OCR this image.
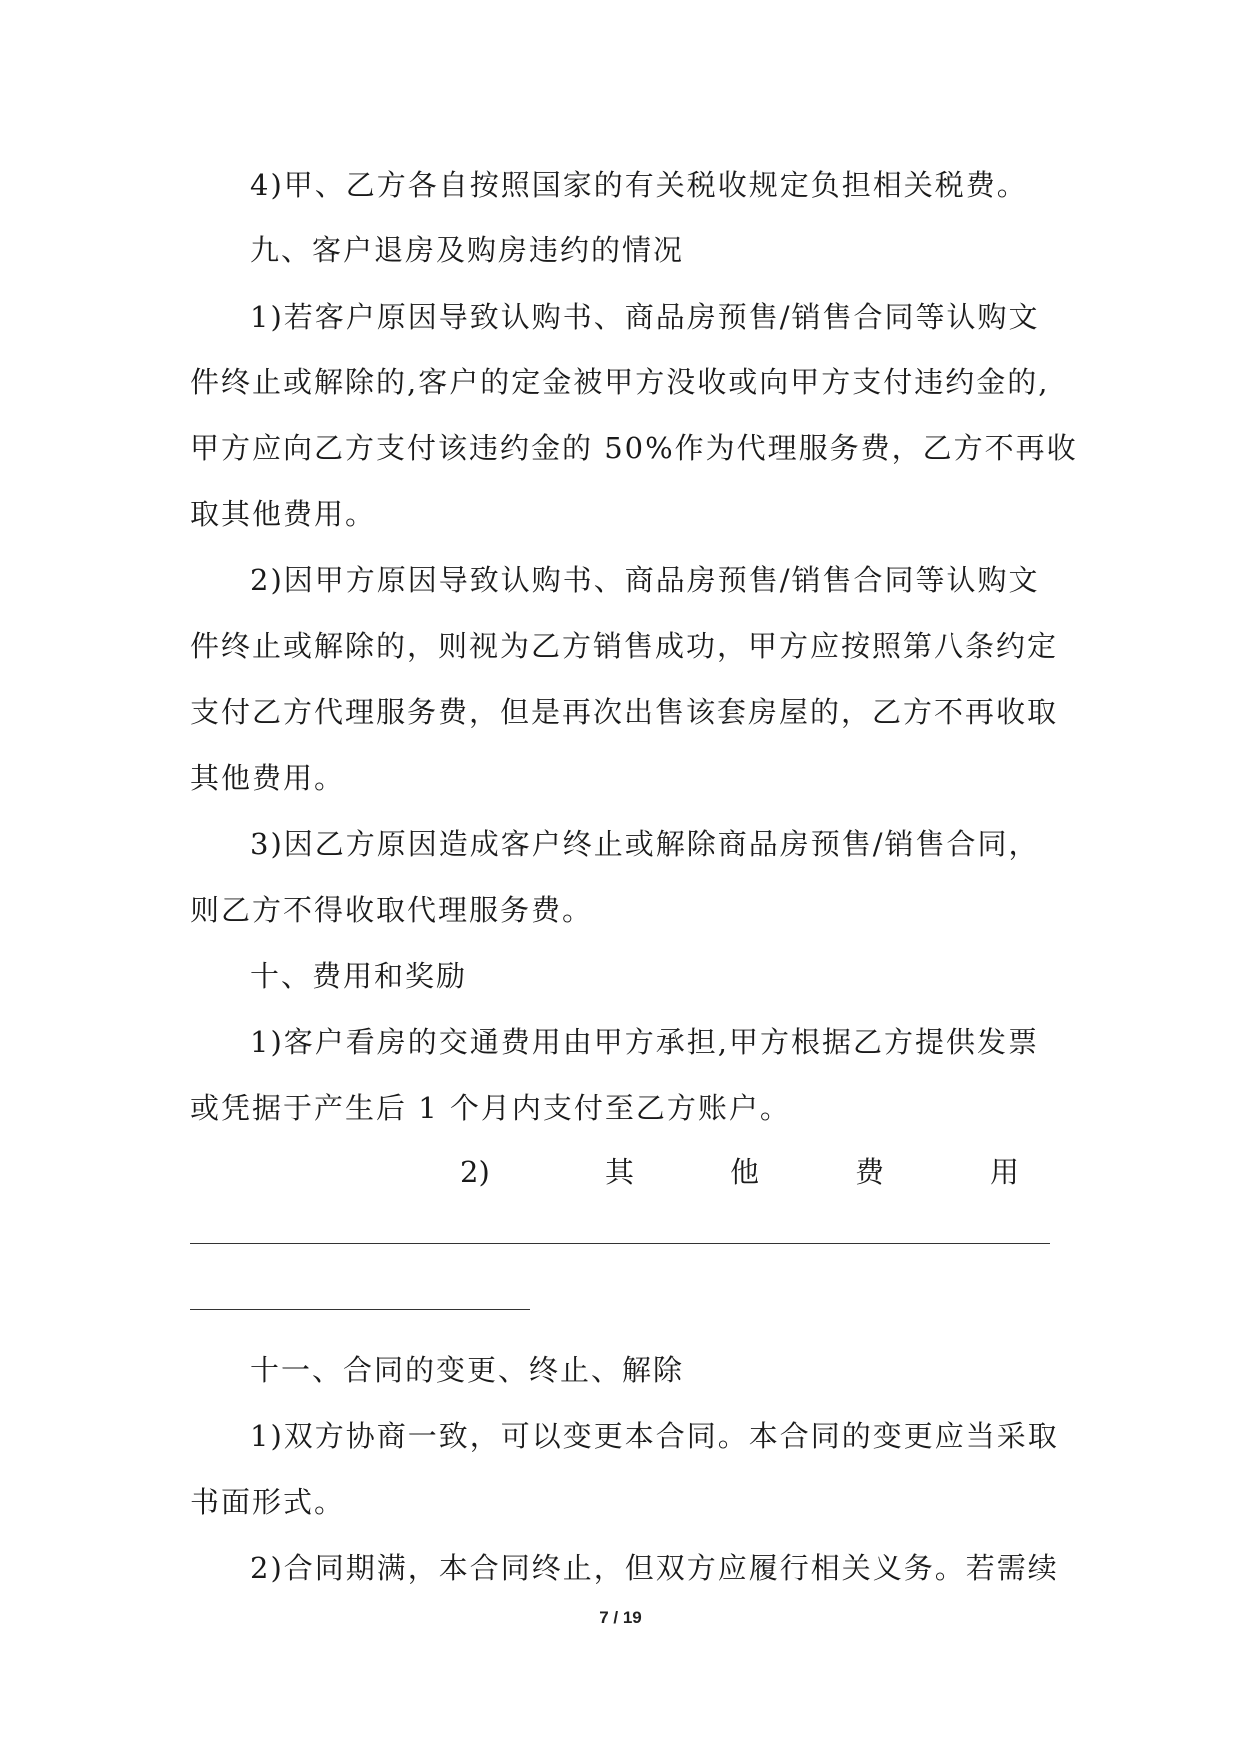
4)甲、乙方各自按照国家的有关税收规定负担相关税费。

九、客户退房及购房违约的情况

1)若客户原因导致认购书、商品房预售/销售合同等认购文

件终止或解除的,客户的定金被甲方没收或向甲方支付违约金的,

甲方应向乙方支付该违约金的 50%作为代理服务费，乙方不再收

取其他费用。

2)因甲方原因导致认购书、商品房预售/销售合同等认购文

件终止或解除的，则视为乙方销售成功，甲方应按照第八条约定

支付乙方代理服务费，但是再次出售该套房屋的，乙方不再收取

其他费用。

3)因乙方原因造成客户终止或解除商品房预售/销售合同，

则乙方不得收取代理服务费。

十、费用和奖励

1)客户看房的交通费用由甲方承担,甲方根据乙方提供发票

或凭据于产生后 1 个月内支付至乙方账户。

2)	其	他	费	用

十一、合同的变更、终止、解除

1)双方协商一致，可以变更本合同。本合同的变更应当采取

书面形式。

2)合同期满，本合同终止，但双方应履行相关义务。若需续

7 / 19
